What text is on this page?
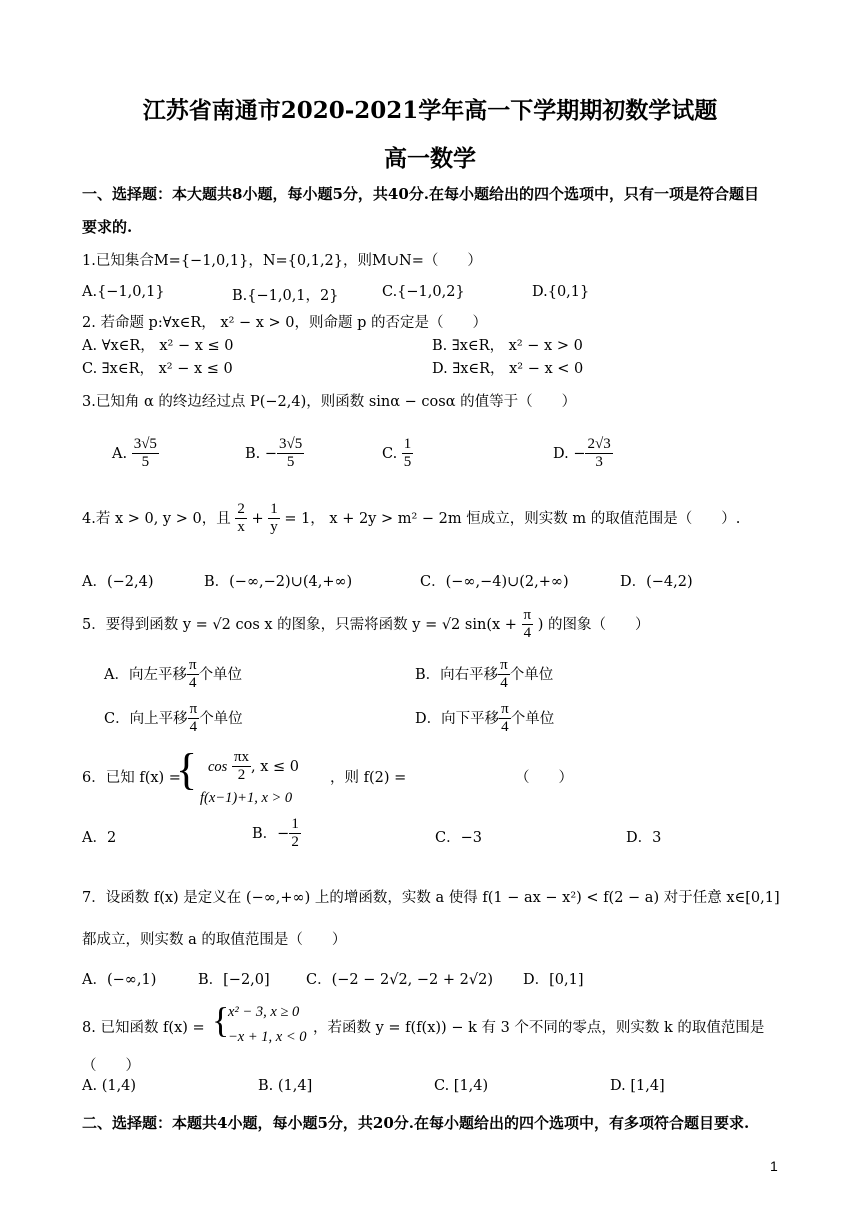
江苏省南通市2020-2021学年高一下学期期初数学试题
高一数学
一、选择题：本大题共8小题，每小题5分，共40分.在每小题给出的四个选项中，只有一项是符合题目
要求的.
1.已知集合M={−1,0,1}，N={0,1,2}，则M∪N=（　　）
A.{−1,0,1}	B.{−1,0,1，2}	C.{−1,0,2}	D.{0,1}
2. 若命题 p:∀x∈R， x² − x > 0，则命题 p 的否定是（　　）
A. ∀x∈R， x² − x ≤ 0	B. ∃x∈R， x² − x > 0
C. ∃x∈R， x² − x ≤ 0	D. ∃x∈R， x² − x < 0
3.已知角 α 的终边经过点 P(−2,4)，则函数 sinα − cosα 的值等于（　　）
A. $\frac{3√5}{5}$	B. − $\frac{3√5}{5}$	C. $\frac{1}{5}$	D. − $\frac{2√3}{3}$
4.若 x > 0, y > 0，且 $\frac{2}{x} + \frac{1}{y} = 1$， x + 2y > m² − 2m 恒成立，则实数 m 的取值范围是（　　）.
A．(−2,4)	B．(−∞,−2)∪(4,+∞)	C．(−∞,−4)∪(2,+∞)	D．(−4,2)
5．要得到函数 y = √2 cos x 的图象，只需将函数 y = √2 $\sin(x + \frac{\pi}{4}$ ) 的图象（　　）
A．向左平移 $\frac{\pi}{4}$ 个单位	B．向右平移 $\frac{\pi}{4}$ 个单位
C．向上平移 $\frac{\pi}{4}$ 个单位	D．向下平移 $\frac{\pi}{4}$ 个单位
6．已知 f(x) =
{ $\cos \frac{\pi x}{2}$ , x ≤ 0
f(x−1)+1, x > 0
，则 f(2) =	（　　）
A．2	B．− $\frac{1}{2}$	C．−3	D．3
7．设函数 f(x) 是定义在 (−∞,+∞) 上的增函数，实数 a 使得 f(1 − ax − x²) < f(2 − a) 对于任意 x∈[0,1]
都成立，则实数 a 的取值范围是（　　）
A．(−∞,1)	B．[−2,0]	C．(−2 − 2√2, −2 + 2√2) D．[0,1]
8. 已知函数 f(x) = {
x² − 3, x ≥ 0
−x + 1, x < 0
，若函数 y = f(f(x)) − k 有 3 个不同的零点，则实数 k 的取值范围是
（　　）
A. (1,4)	B. (1,4]	C. [1,4)	D. [1,4]
二、选择题：本题共4小题，每小题5分，共20分.在每小题给出的四个选项中，有多项符合题目要求.
1
